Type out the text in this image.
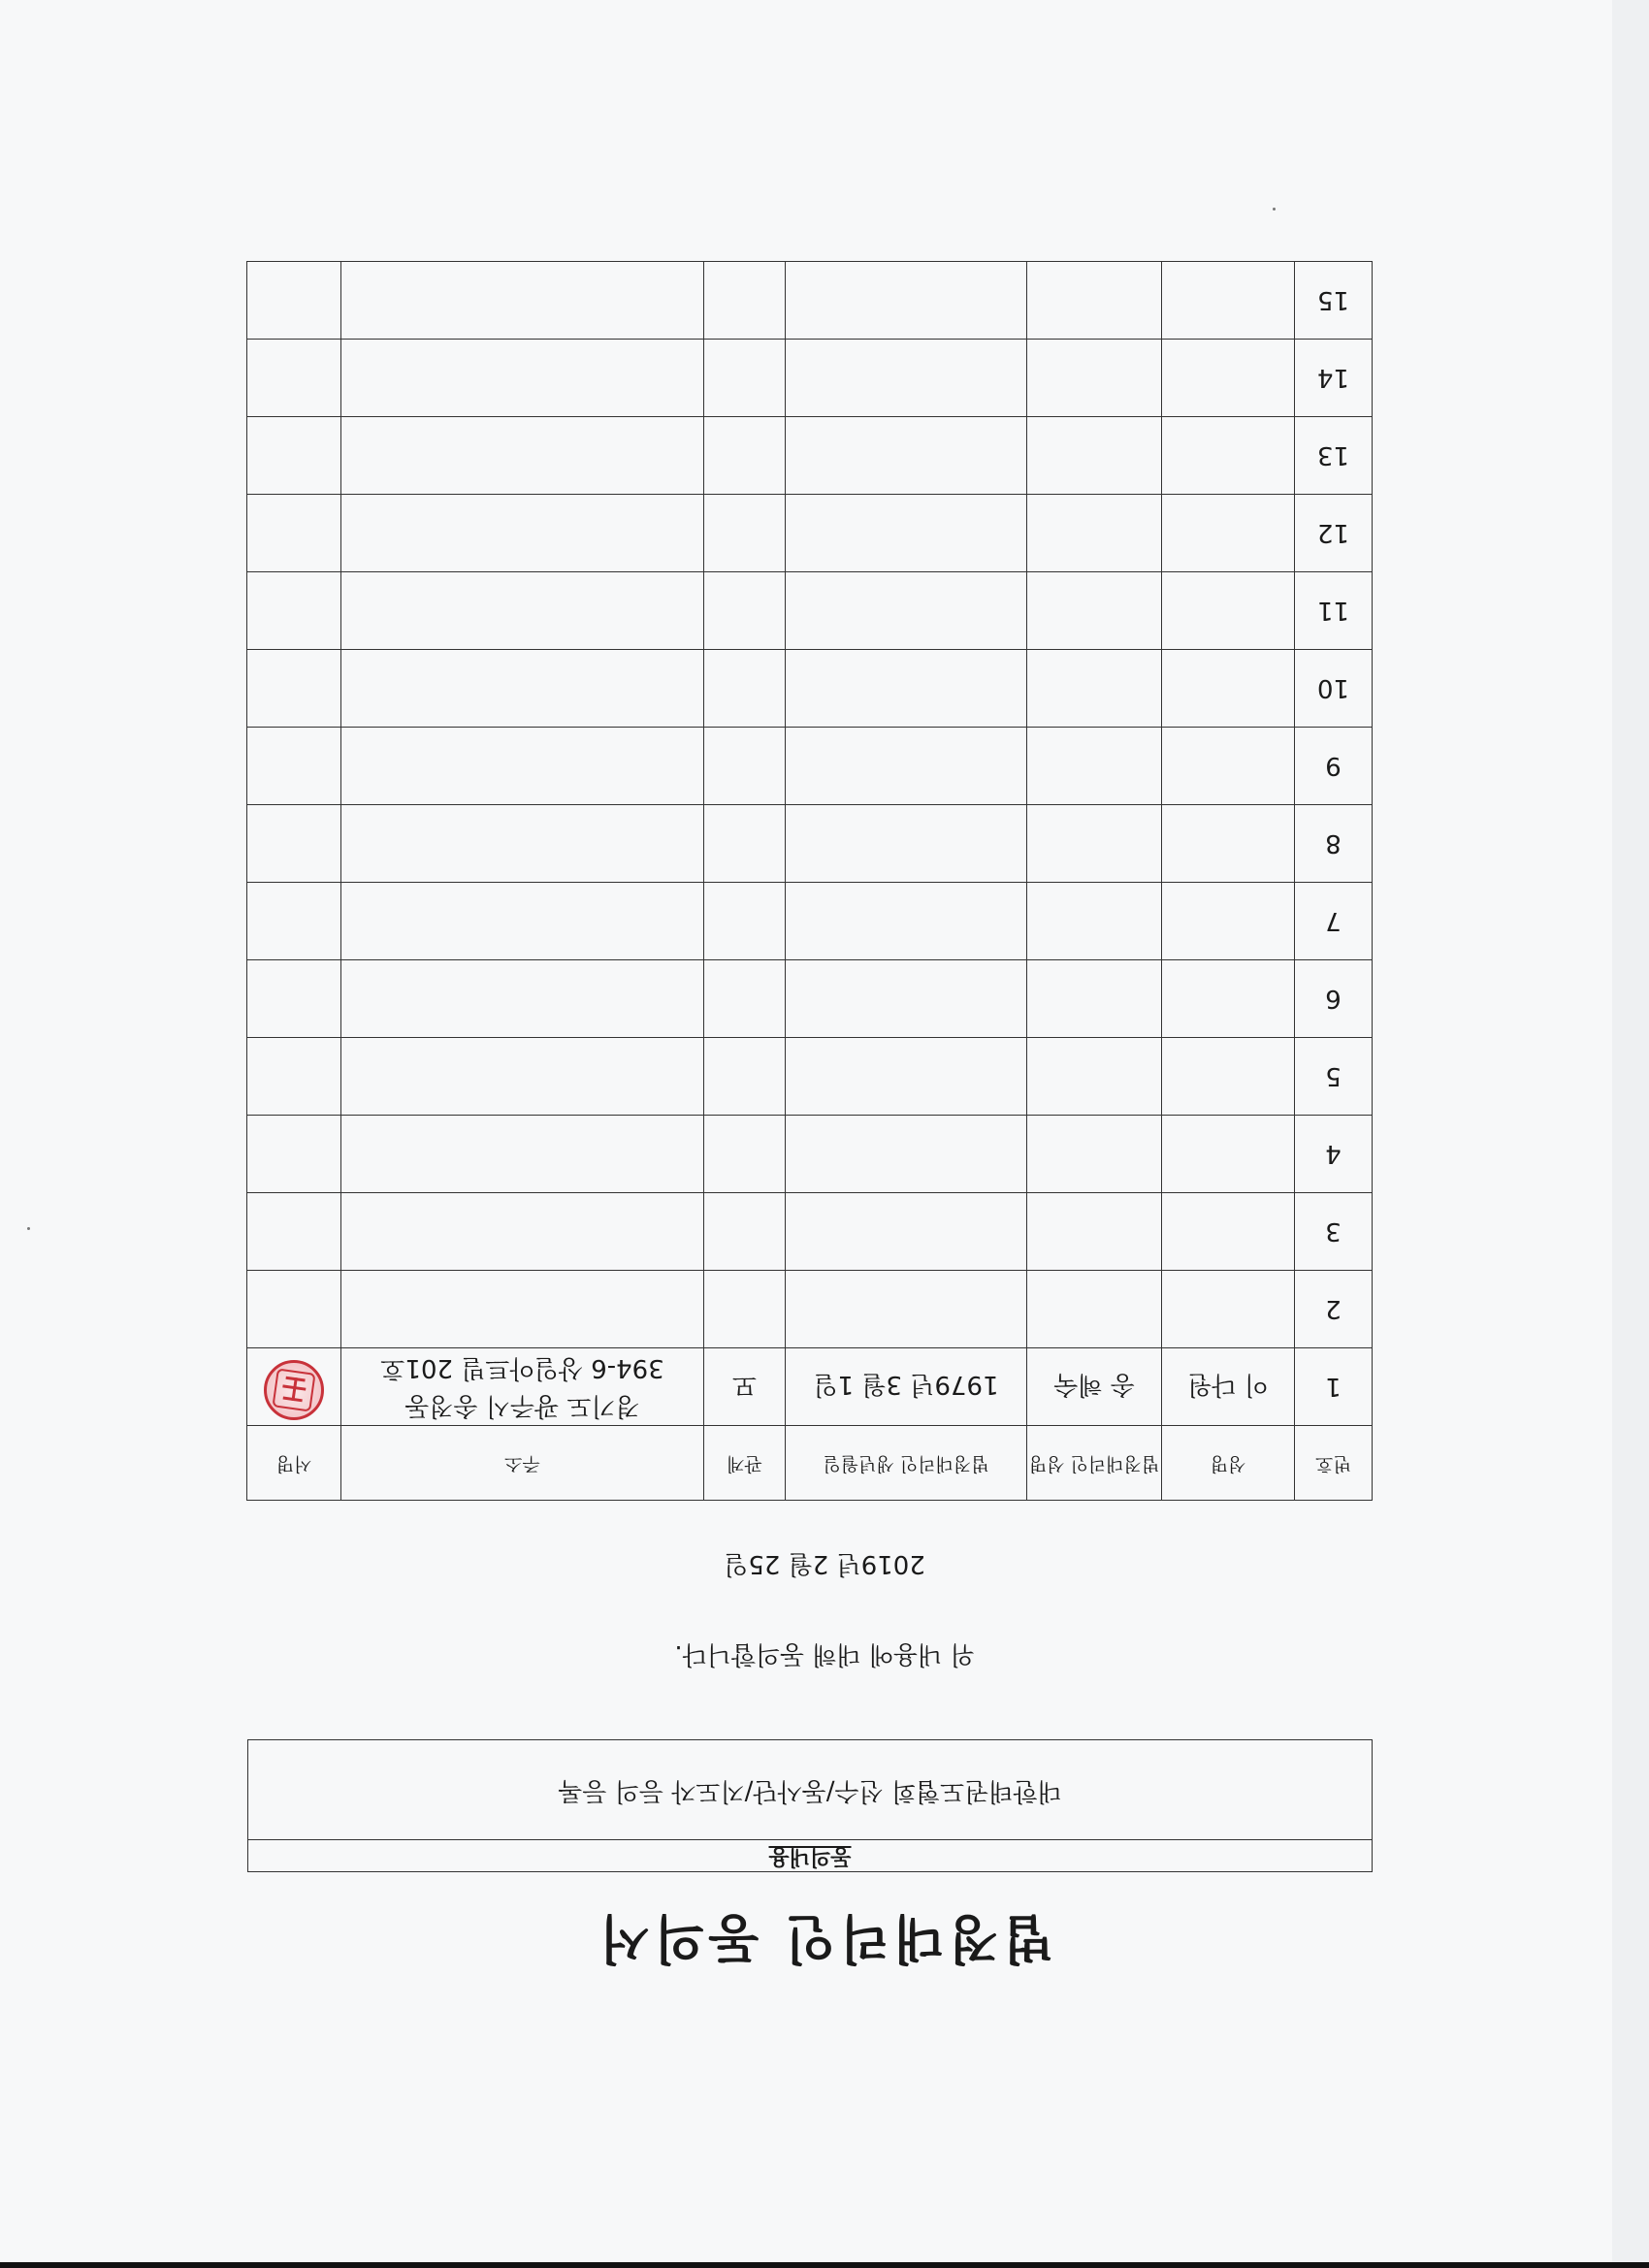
법정대리인 동의서
동의내용
대한태권도협회 선수/동사단/지도자 등의 등록
위 내용에 대해 동의합니다.
2019년 2월 25일
번호	성명	법정대리인 성명	법정대리인 생년월일	관계	주소	서명
1	이 다원	송 혜숙	1979년 3월 1일	모	경기도 광주시 송정동
394-6 상일아트빌 201호	

2						
3						
4						
5						
6						
7						
8						
9						
10						
11						
12						
13						
14						
15						
